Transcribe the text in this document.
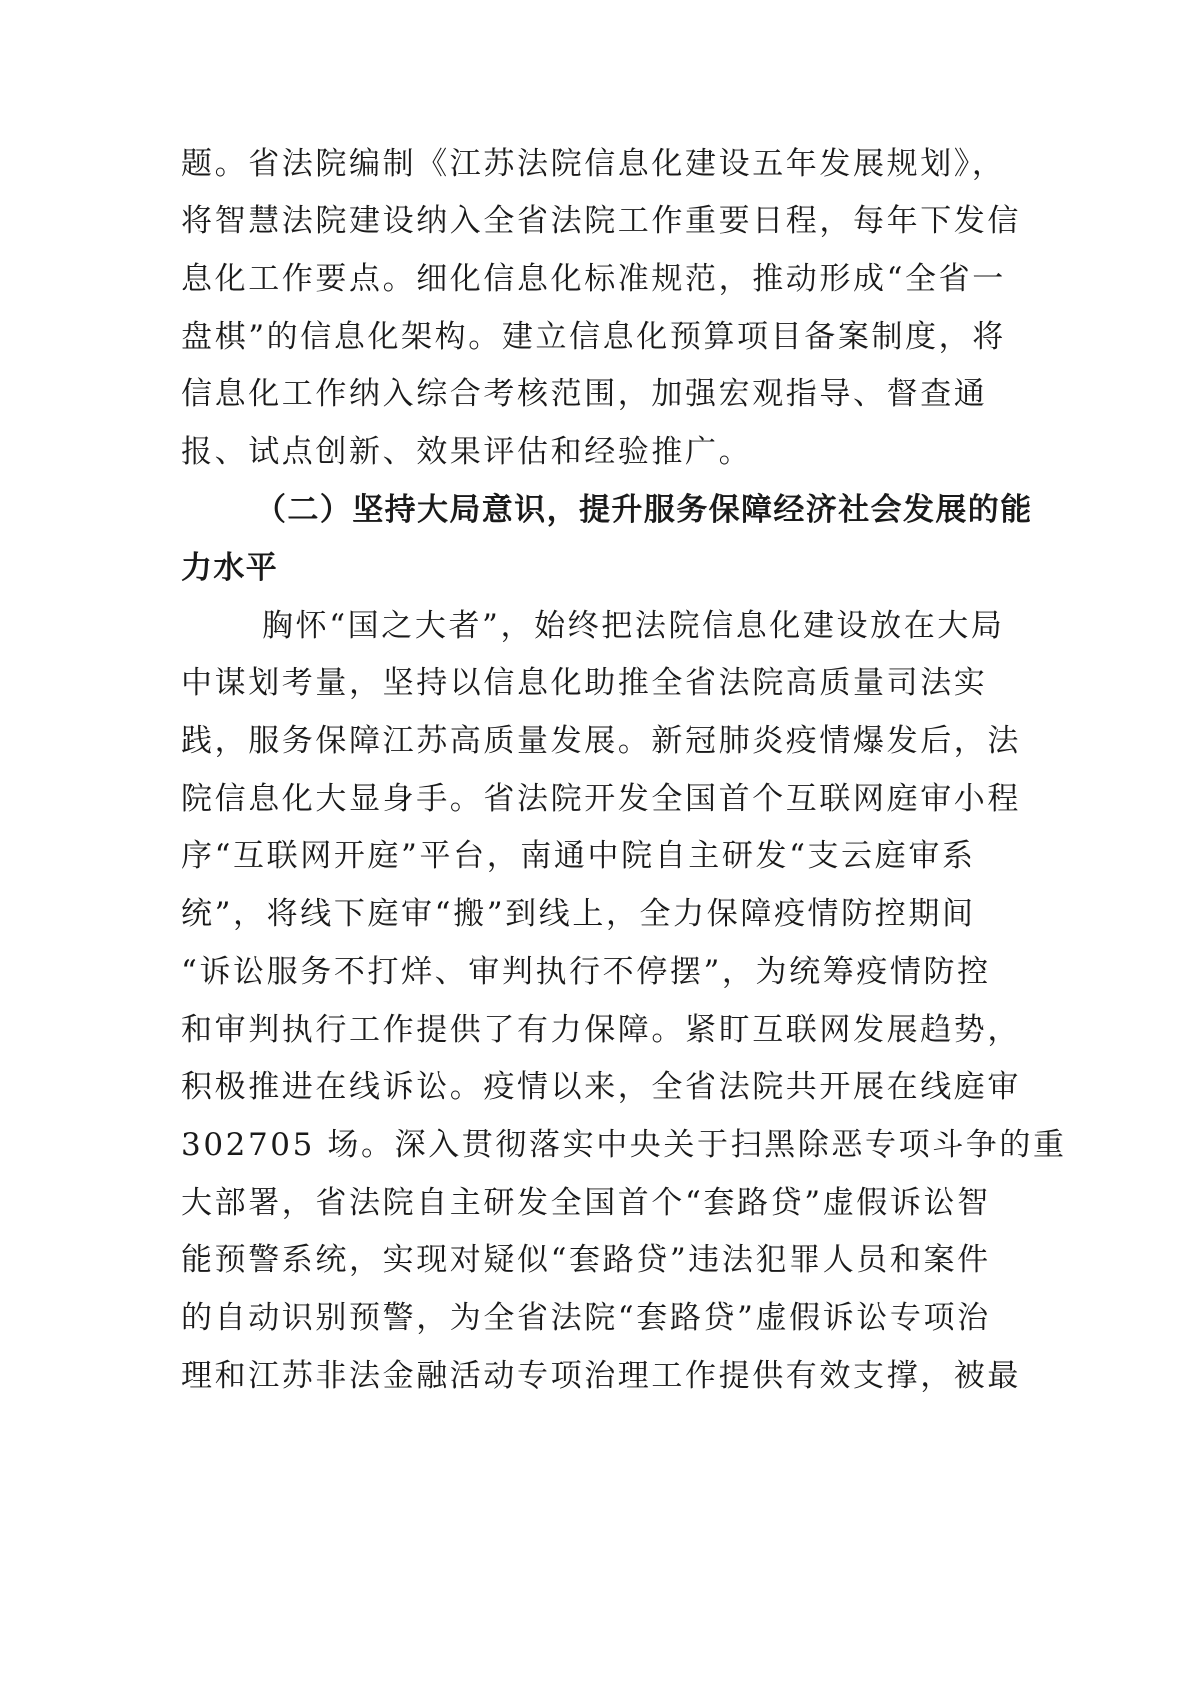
题。省法院编制《江苏法院信息化建设五年发展规划》，
将智慧法院建设纳入全省法院工作重要日程，每年下发信
息化工作要点。细化信息化标准规范，推动形成“全省一
盘棋”的信息化架构。建立信息化预算项目备案制度，将
信息化工作纳入综合考核范围，加强宏观指导、督查通
报、试点创新、效果评估和经验推广。
（二）坚持大局意识，提升服务保障经济社会发展的能
力水平
胸怀“国之大者”，始终把法院信息化建设放在大局
中谋划考量，坚持以信息化助推全省法院高质量司法实
践，服务保障江苏高质量发展。新冠肺炎疫情爆发后，法
院信息化大显身手。省法院开发全国首个互联网庭审小程
序“互联网开庭”平台，南通中院自主研发“支云庭审系
统”，将线下庭审“搬”到线上，全力保障疫情防控期间
“诉讼服务不打烊、审判执行不停摆”，为统筹疫情防控
和审判执行工作提供了有力保障。紧盯互联网发展趋势，
积极推进在线诉讼。疫情以来，全省法院共开展在线庭审
302705 场。深入贯彻落实中央关于扫黑除恶专项斗争的重
大部署，省法院自主研发全国首个“套路贷”虚假诉讼智
能预警系统，实现对疑似“套路贷”违法犯罪人员和案件
的自动识别预警，为全省法院“套路贷”虚假诉讼专项治
理和江苏非法金融活动专项治理工作提供有效支撑，被最
